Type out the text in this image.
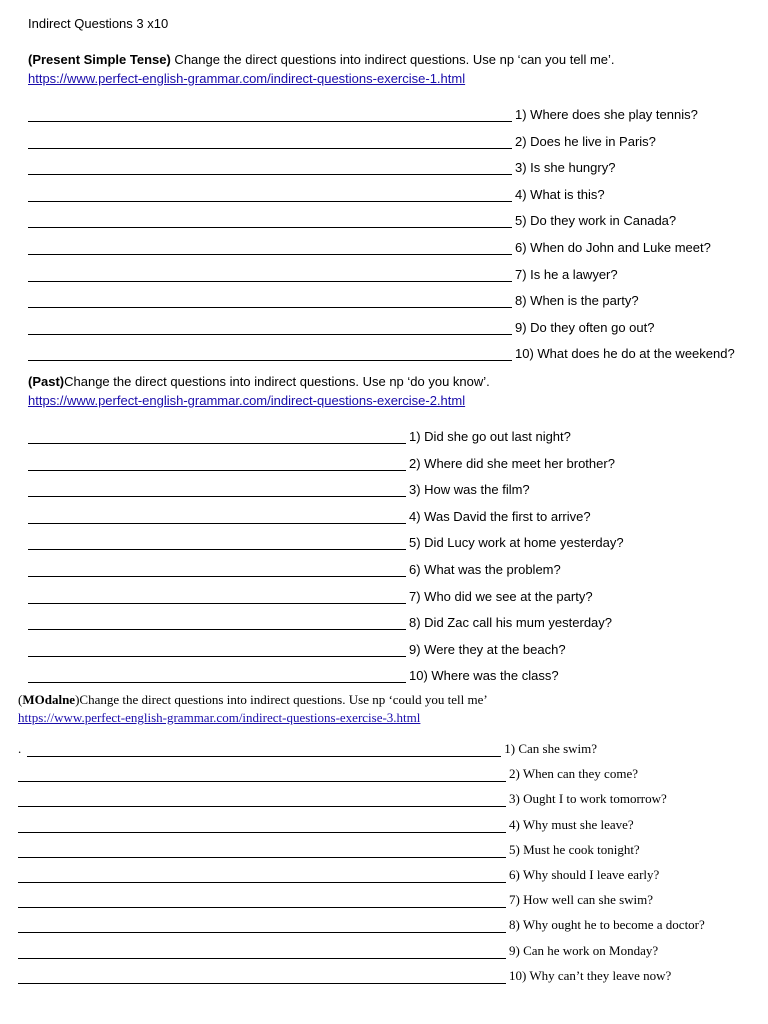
Indirect Questions 3 x10
(Present Simple Tense) Change the direct questions into indirect questions. Use np ‘can you tell me’.
https://www.perfect-english-grammar.com/indirect-questions-exercise-1.html
1) Where does she play tennis?
2) Does he live in Paris?
3) Is she hungry?
4) What is this?
5) Do they work in Canada?
6) When do John and Luke meet?
7) Is he a lawyer?
8) When is the party?
9) Do they often go out?
10) What does he do at the weekend?
(Past)Change the direct questions into indirect questions. Use np ‘do you know’.
https://www.perfect-english-grammar.com/indirect-questions-exercise-2.html
1) Did she go out last night?
2) Where did she meet her brother?
3) How was the film?
4) Was David the first to arrive?
5) Did Lucy work at home yesterday?
6) What was the problem?
7) Who did we see at the party?
8) Did Zac call his mum yesterday?
9) Were they at the beach?
10) Where was the class?
(MOdalne)Change the direct questions into indirect questions. Use np ‘could you tell me’
https://www.perfect-english-grammar.com/indirect-questions-exercise-3.html
.	1) Can she swim?
2) When can they come?
3) Ought I to work tomorrow?
4) Why must she leave?
5) Must he cook tonight?
6) Why should I leave early?
7) How well can she swim?
8) Why ought he to become a doctor?
9) Can he work on Monday?
10) Why can’t they leave now?
